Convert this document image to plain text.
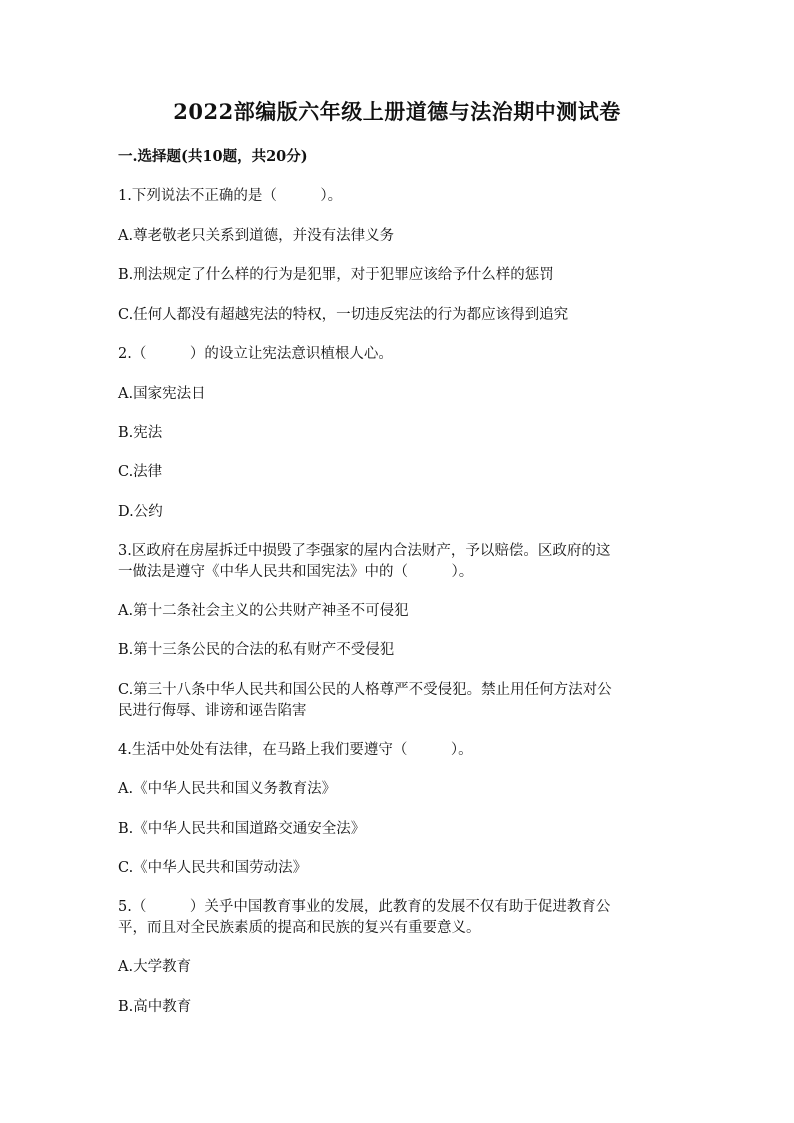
2022部编版六年级上册道德与法治期中测试卷
一.选择题(共10题，共20分)
1.下列说法不正确的是（　　　）。
A.尊老敬老只关系到道德，并没有法律义务
B.刑法规定了什么样的行为是犯罪，对于犯罪应该给予什么样的惩罚
C.任何人都没有超越宪法的特权，一切违反宪法的行为都应该得到追究
2.（　　　）的设立让宪法意识植根人心。
A.国家宪法日
B.宪法
C.法律
D.公约
3.区政府在房屋拆迁中损毁了李强家的屋内合法财产，予以赔偿。区政府的这
一做法是遵守《中华人民共和国宪法》中的（　　　）。
A.第十二条社会主义的公共财产神圣不可侵犯
B.第十三条公民的合法的私有财产不受侵犯
C.第三十八条中华人民共和国公民的人格尊严不受侵犯。禁止用任何方法对公
民进行侮辱、诽谤和诬告陷害
4.生活中处处有法律，在马路上我们要遵守（　　　）。
A.《中华人民共和国义务教育法》
B.《中华人民共和国道路交通安全法》
C.《中华人民共和国劳动法》
5.（　　　）关乎中国教育事业的发展，此教育的发展不仅有助于促进教育公
平，而且对全民族素质的提高和民族的复兴有重要意义。
A.大学教育
B.高中教育
